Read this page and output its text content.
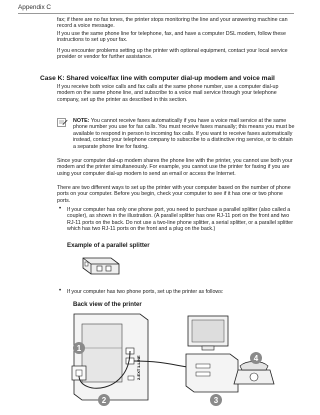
Appendix C

fax; if there are no fax tones, the printer stops monitoring the line and your answering machine can record a voice message.

If you use the same phone line for telephone, fax, and have a computer DSL modem, follow these instructions to set up your fax.

If you encounter problems setting up the printer with optional equipment, contact your local service provider or vendor for further assistance.

Case K: Shared voice/fax line with computer dial-up modem and voice mail

If you receive both voice calls and fax calls at the same phone number, use a computer dial-up modem on the same phone line, and subscribe to a voice mail service through your telephone company, set up the printer as described in this section.

NOTE: You cannot receive faxes automatically if you have a voice mail service at the same phone number you use for fax calls. You must receive faxes manually; this means you must be available to respond in person to incoming fax calls. If you want to receive faxes automatically instead, contact your telephone company to subscribe to a distinctive ring service, or to obtain a separate phone line for faxing.

Since your computer dial-up modem shares the phone line with the printer, you cannot use both your modem and the printer simultaneously. For example, you cannot use the printer for faxing if you are using your computer dial-up modem to send an email or access the Internet.

There are two different ways to set up the printer with your computer based on the number of phone ports on your computer. Before you begin, check your computer to see if it has one or two phone ports.

• If your computer has only one phone port, you need to purchase a parallel splitter (also called a coupler), as shown in the illustration. (A parallel splitter has one RJ-11 port on the front and two RJ-11 ports on the back. Do not use a two-line phone splitter, a serial splitter, or a parallel splitter which has two RJ-11 ports on the front and a plug on the back.)

Example of a parallel splitter

• If your computer has two phone ports, set up the printer as follows:

Back view of the printer

1-LINE
2-EXT
1
2	3
4
